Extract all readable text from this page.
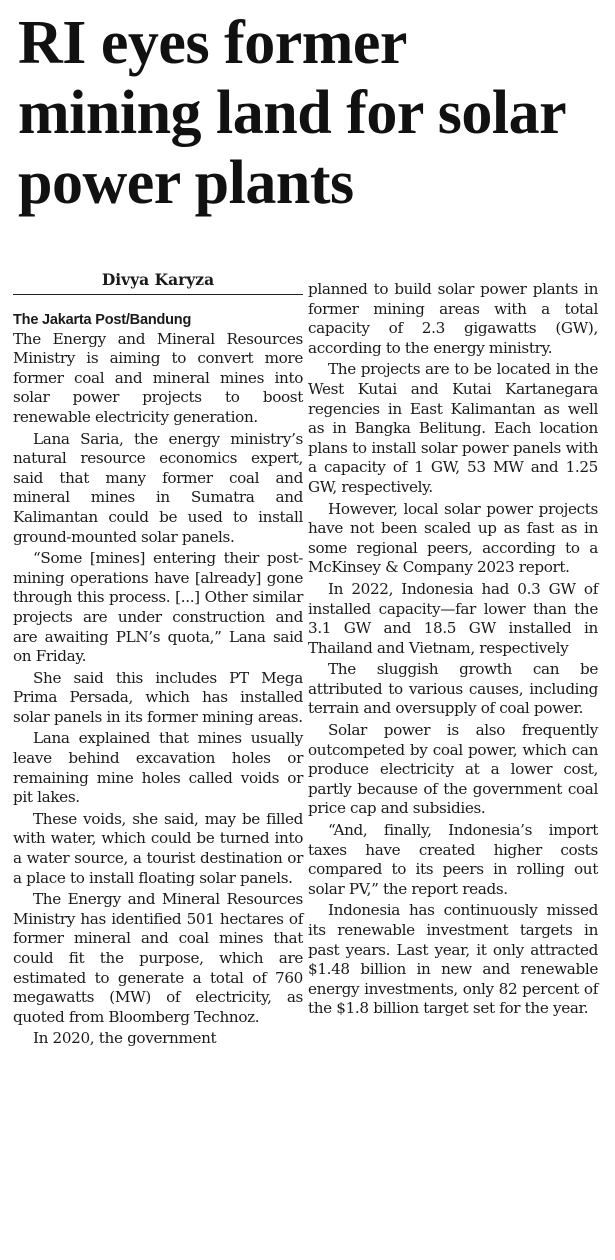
RI eyes former mining land for solar power plants
Divya Karyza

The Jakarta Post/Bandung

The Energy and Mineral Resources Ministry is aiming to convert more former coal and mineral mines into solar power projects to boost renewable electricity generation.

Lana Saria, the energy ministry’s natural resource economics expert, said that many former coal and mineral mines in Sumatra and Kalimantan could be used to install ground-mounted solar panels.

“Some [mines] entering their post-mining operations have [already] gone through this process. [...] Other similar projects are under construction and are awaiting PLN’s quota,” Lana said on Friday.

She said this includes PT Mega Prima Persada, which has installed solar panels in its former mining areas.

Lana explained that mines usually leave behind excavation holes or remaining mine holes called voids or pit lakes.

These voids, she said, may be filled with water, which could be turned into a water source, a tourist destination or a place to install floating solar panels.

The Energy and Mineral Resources Ministry has identified 501 hectares of former mineral and coal mines that could fit the purpose, which are estimated to generate a total of 760 megawatts (MW) of electricity, as quoted from Bloomberg Technoz.

In 2020, the government

planned to build solar power plants in former mining areas with a total capacity of 2.3 gigawatts (GW), according to the energy ministry.

The projects are to be located in the West Kutai and Kutai Kartanegara regencies in East Kalimantan as well as in Bangka Belitung. Each location plans to install solar power panels with a capacity of 1 GW, 53 MW and 1.25 GW, respectively.

However, local solar power projects have not been scaled up as fast as in some regional peers, according to a McKinsey & Company 2023 report.

In 2022, Indonesia had 0.3 GW of installed capacity—far lower than the 3.1 GW and 18.5 GW installed in Thailand and Vietnam, respectively

The sluggish growth can be attributed to various causes, including terrain and oversupply of coal power.

Solar power is also frequently outcompeted by coal power, which can produce electricity at a lower cost, partly because of the government coal price cap and subsidies.

“And, finally, Indonesia’s import taxes have created higher costs compared to its peers in rolling out solar PV,” the report reads.

Indonesia has continuously missed its renewable investment targets in past years. Last year, it only attracted $1.48 billion in new and renewable energy investments, only 82 percent of the $1.8 billion target set for the year.
